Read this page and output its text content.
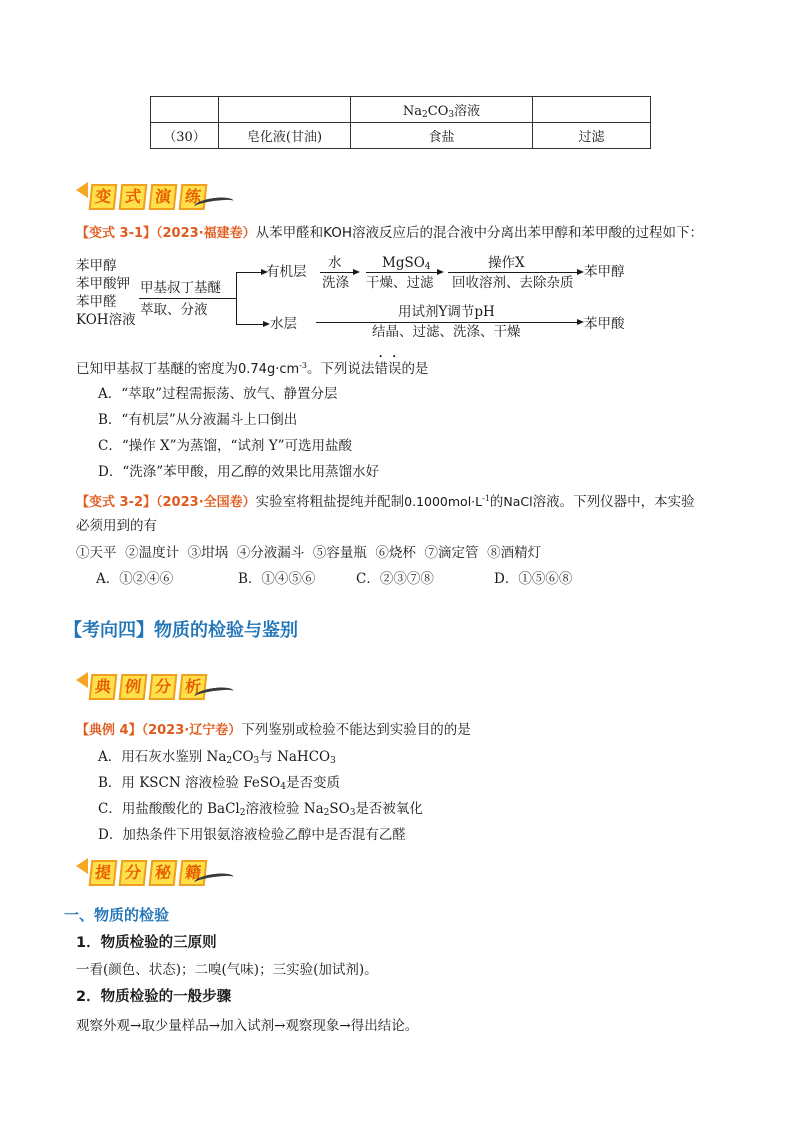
		$Na_2CO_3$溶液	
（30）	皂化液(甘油)	食盐	过滤
变 式 演 练
【变式 3-1】（2023·福建卷）从苯甲醛和KOH溶液反应后的混合液中分离出苯甲醇和苯甲酸的过程如下：
苯甲醇
苯甲酸钾
苯甲醛
KOH溶液
甲基叔丁基醚
萃取、分液
有机层
水
洗涤
MgSO$_4$
干燥、过滤
操作X
回收溶剂、去除杂质
苯甲醇
水层
用试剂Y调节pH
结晶、过滤、洗涤、干燥	苯甲酸
已知甲基叔丁基醚的密度为$0.74g\cdot cm^{-3}$。下列说法错误的是
A．“萃取”过程需振荡、放气、静置分层
B．“有机层”从分液漏斗上口倒出
C．“操作 X”为蒸馏，“试剂 Y”可选用盐酸
D．“洗涤”苯甲酸，用乙醇的效果比用蒸馏水好
【变式 3-2】（2023·全国卷）实验室将粗盐提纯并配制$0.1000mol\cdot L^{-1}$的NaCl溶液。下列仪器中，本实验
必须用到的有
①天平  ②温度计  ③坩埚  ④分液漏斗  ⑤容量瓶  ⑥烧杯  ⑦滴定管  ⑧酒精灯
A．①②④⑥	B．①④⑤⑥	C．②③⑦⑧	D．①⑤⑥⑧
【考向四】物质的检验与鉴别
典 例 分 析
【典例 4】（2023·辽宁卷）下列鉴别或检验不能达到实验目的的是
A．用石灰水鉴别 $Na_2CO_3$与 NaHCO$_3$
B．用 KSCN 溶液检验 FeSO$_4$是否变质
C．用盐酸酸化的 BaCl$_2$溶液检验 $Na_2SO_3$是否被氧化
D．加热条件下用银氨溶液检验乙醇中是否混有乙醛
提 分 秘 籍
一、物质的检验
1．物质检验的三原则
一看(颜色、状态)；二嗅(气味)；三实验(加试剂)。
2．物质检验的一般步骤
观察外观→取少量样品→加入试剂→观察现象→得出结论。
